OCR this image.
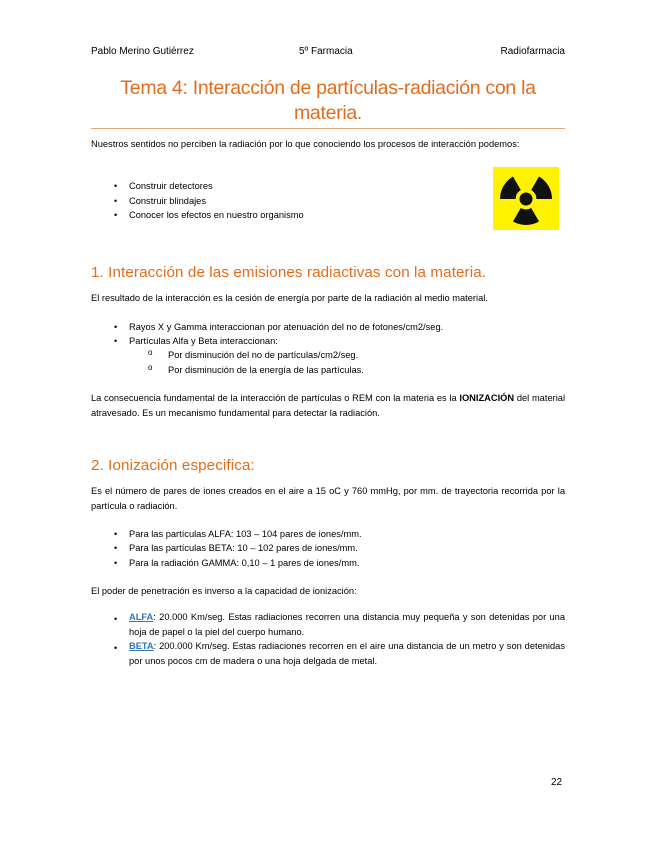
Pablo Merino Gutiérrez	5º Farmacia	Radiofarmacia
Tema 4: Interacción de partículas-radiación con la
materia.
Nuestros sentidos no perciben la radiación por lo que conociendo los procesos de interacción podemos:
• Construir detectores
• Construir blindajes
• Conocer los efectos en nuestro organismo
1. Interacción de las emisiones radiactivas con la materia.
El resultado de la interacción es la cesión de energía por parte de la radiación al medio material.
• Rayos X y Gamma interaccionan por atenuación del no de fotones/cm2/seg.
• Partículas Alfa y Beta interaccionan:
o Por disminución del no de partículas/cm2/seg.
o Por disminución de la energía de las partículas.
La consecuencia fundamental de la interacción de partículas o REM con la materia es la IONIZACIÓN del material atravesado. Es un mecanismo fundamental para detectar la radiación.
2. Ionización especifica:
Es el número de pares de iones creados en el aire a 15 oC y 760 mmHg, por mm. de trayectoria recorrida por la partícula o radiación.
• Para las partículas ALFA: 103 – 104 pares de iones/mm.
• Para las partículas BETA: 10 – 102 pares de iones/mm.
• Para la radiación GAMMA: 0,10 – 1 pares de iones/mm.
El poder de penetración es inverso a la capacidad de ionización:
• ALFA: 20.000 Km/seg. Estas radiaciones recorren una distancia muy pequeña y son detenidas por una hoja de papel o la piel del cuerpo humano.
• BETA: 200.000 Km/seg. Estas radiaciones recorren en el aire una distancia de un metro y son detenidas por unos pocos cm de madera o una hoja delgada de metal.
22
